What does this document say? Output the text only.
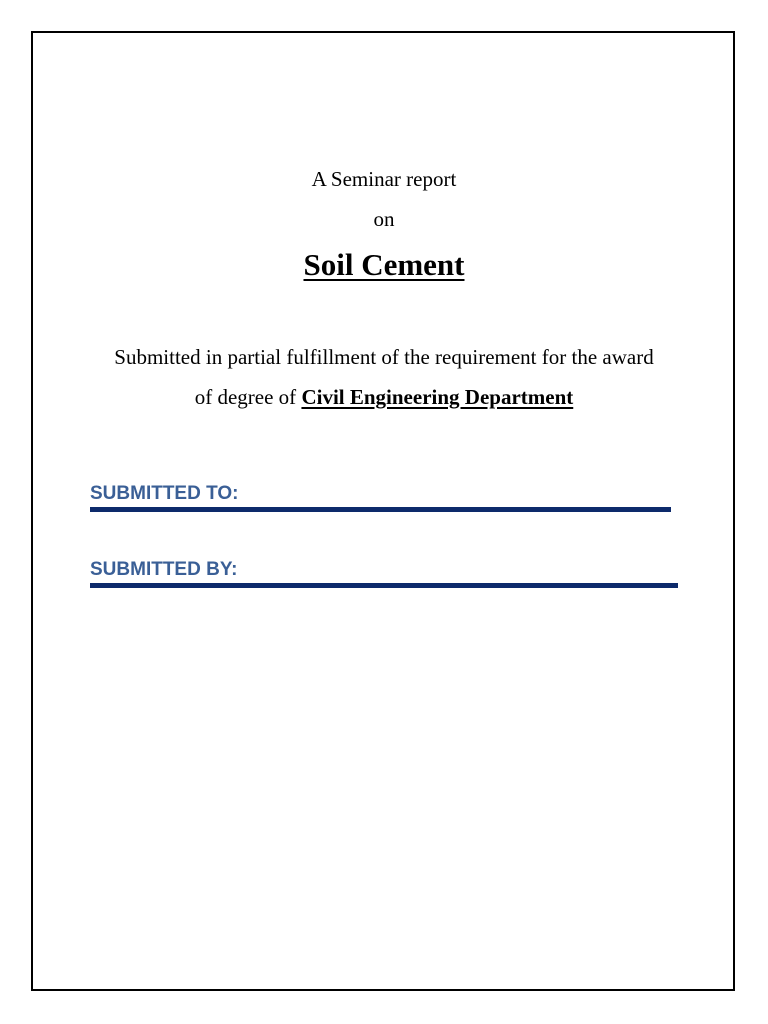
A Seminar report
on
Soil Cement
Submitted in partial fulfillment of the requirement for the award
of degree of Civil Engineering Department
SUBMITTED TO:
SUBMITTED BY:
